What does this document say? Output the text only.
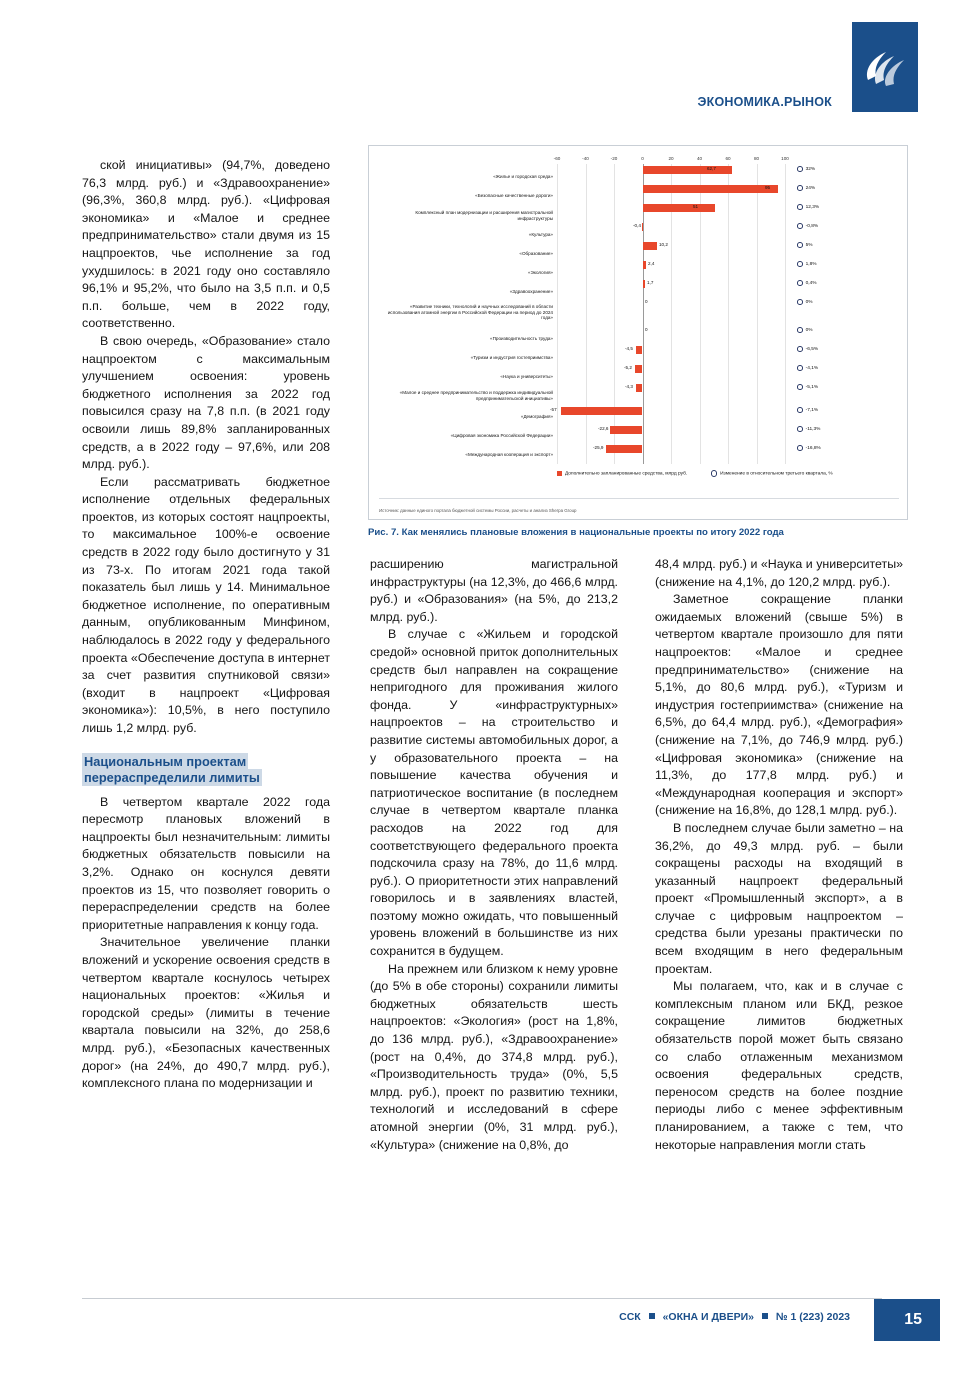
ЭКОНОМИКА.РЫНОК

ской инициативы» (94,7%, доведено 76,3 млрд. руб.) и «Здравоохранение» (96,3%, 360,8 млрд. руб.). «Цифровая экономика» и «Малое и среднее предпринимательство» стали двумя из 15 нацпроектов, чье исполнение за год ухудшилось: в 2021 году оно составляло 96,1% и 95,2%, что было на 3,5 п.п. и 0,5 п.п. больше, чем в 2022 году, соответственно.

В свою очередь, «Образование» стало нацпроектом с максимальным улучшением освоения: уровень бюджетного исполнения за 2022 год повысился сразу на 7,8 п.п. (в 2021 году освоили лишь 89,8% запланированных средств, а в 2022 году – 97,6%, или 208 млрд. руб.).

Если рассматривать бюджетное исполнение отдельных федеральных проектов, из которых состоят нацпроекты, то максимальное 100%-е освоение средств в 2022 году было достигнуто у 31 из 73-х. По итогам 2021 года такой показатель был лишь у 14. Минимальное бюджетное исполнение, по оперативным данным, опубликованным Минфином, наблюдалось в 2022 году у федерального проекта «Обеспечение доступа в интернет за счет развития спутниковой связи» (входит в нацпроект «Цифровая экономика»): 10,5%, в него поступило лишь 1,2 млрд. руб.

Национальным проектам
перераспределили лимиты

В четвертом квартале 2022 года пересмотр плановых вложений в нацпроекты был незначительным: лимиты бюджетных обязательств повысили на 3,2%. Однако он коснулся девяти проектов из 15, что позволяет говорить о перераспределении средств на более приоритетные направления к концу года.

Значительное увеличение планки вложений и ускорение освоения средств в четвертом квартале коснулось четырех национальных проектов: «Жилья и городской среды» (лимиты в течение квартала повысили на 32%, до 258,6 млрд. руб.), «Безопасных качественных дорог» (на 24%, до 490,7 млрд. руб.), комплексного плана по модернизации и

-60	-40	-20	0	20	40	60	80	100
«Жилье и городская среда»
«Безопасные качественные дороги»
Комплексный план модернизации и расширения магистральной инфраструктуры
«Культура»
«Образование»
«Экология»
«Здравоохранение»
«Развитие техники, технологий и научных исследований в области использования атомной энергии в Российской Федерации на период до 2024 года»
«Производительность труда»
«Туризм и индустрия гостеприимства»
«Наука и университеты»
«Малое и среднее предпринимательство и поддержка индивидуальной предпринимательской инициативы»
«Демография»
«Цифровая экономика Российской Федерации»
«Международная кооперация и экспорт»
62,7
95
51
-0,4
10,2
2,4
1,7
0
0
-4,5
-5,2
-4,3
-57
-22,6
-25,9
32%
24%
12,3%
-0,8%
5%
1,8%
0,4%
0%
0%
-6,5%
-4,1%
-5,1%
-7,1%
-11,3%
-16,8%
Дополнительно запланированные средства, млрд руб.	Изменение в относительном третьего квартала, %
Источник: данные единого портала бюджетной системы России, расчеты и анализ Sherpa Group
Рис. 7. Как менялись плановые вложения в национальные проекты по итогу 2022 года

расширению магистральной инфраструктуры (на 12,3%, до 466,6 млрд. руб.) и «Образования» (на 5%, до 213,2 млрд. руб.).

В случае с «Жильем и городской средой» основной приток дополнительных средств был направлен на сокращение непригодного для проживания жилого фонда. У «инфраструктурных» нацпроектов – на строительство и развитие системы автомобильных дорог, а у образовательного проекта – на повышение качества обучения и патриотическое воспитание (в последнем случае в четвертом квартале планка расходов на 2022 год для соответствующего федерального проекта подскочила сразу на 78%, до 11,6 млрд. руб.). О приоритетности этих направлений говорилось и в заявлениях властей, поэтому можно ожидать, что повышенный уровень вложений в большинстве из них сохранится в будущем.

На прежнем или близком к нему уровне (до 5% в обе стороны) сохранили лимиты бюджетных обязательств шесть нацпроектов: «Экология» (рост на 1,8%, до 136 млрд. руб.), «Здравоохранение» (рост на 0,4%, до 374,8 млрд. руб.), «Производительность труда» (0%, 5,5 млрд. руб.), проект по развитию техники, технологий и исследований в сфере атомной энергии (0%, 31 млрд. руб.), «Культура» (снижение на 0,8%, до

48,4 млрд. руб.) и «Наука и университеты» (снижение на 4,1%, до 120,2 млрд. руб.).

Заметное сокращение планки ожидаемых вложений (свыше 5%) в четвертом квартале произошло для пяти нацпроектов: «Малое и среднее предпринимательство» (снижение на 5,1%, до 80,6 млрд. руб.), «Туризм и индустрия гостеприимства» (снижение на 6,5%, до 64,4 млрд. руб.), «Демография» (снижение на 7,1%, до 746,9 млрд. руб.) «Цифровая экономика» (снижение на 11,3%, до 177,8 млрд. руб.) и «Международная кооперация и экспорт» (снижение на 16,8%, до 128,1 млрд. руб.).

В последнем случае были заметно – на 36,2%, до 49,3 млрд. руб. – были сокращены расходы на входящий в указанный нацпроект федеральный проект «Промышленный экспорт», а в случае с цифровым нацпроектом – средства были урезаны практически по всем входящим в него федеральным проектам.

Мы полагаем, что, как и в случае с комплексным планом или БКД, резкое сокращение лимитов бюджетных обязательств порой может быть связано со слабо отлаженным механизмом освоения федеральных средств, переносом средств на более поздние периоды либо с менее эффективным планированием, а также с тем, что некоторые направления могли стать

ССК «ОКНА И ДВЕРИ» № 1 (223) 2023	15
